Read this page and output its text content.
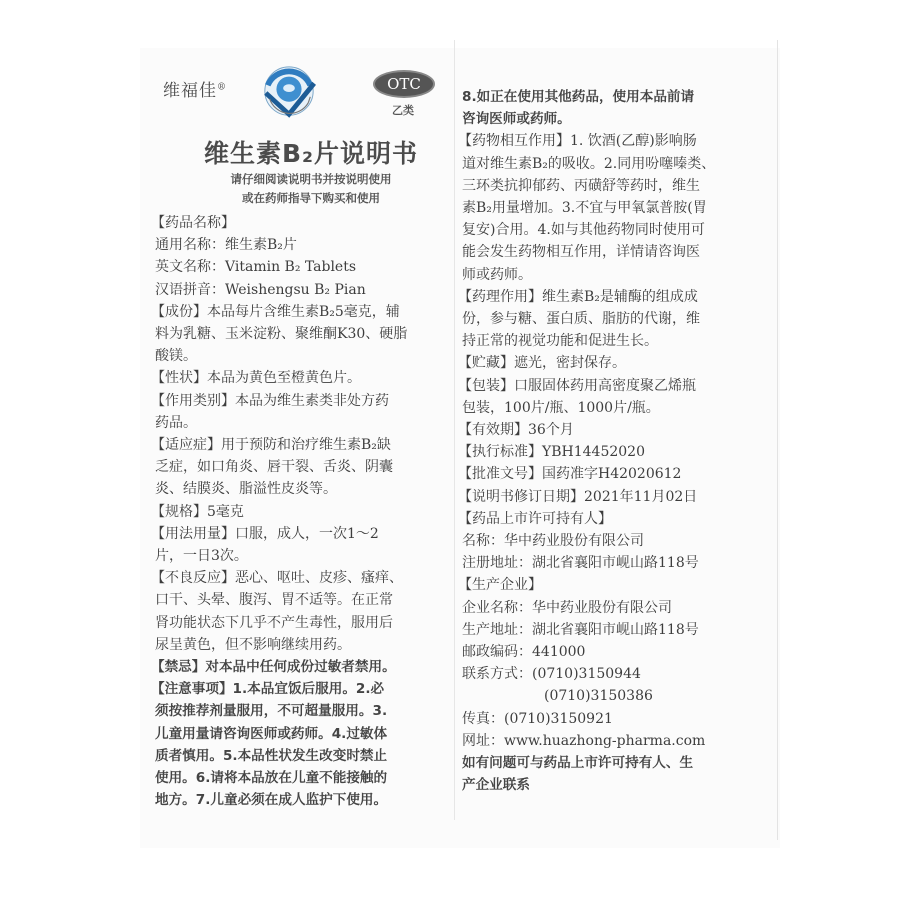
维福佳®	OTC
乙类
维生素B₂片说明书
请仔细阅读说明书并按说明使用
或在药师指导下购买和使用
【药品名称】
通用名称：维生素B₂片
英文名称：Vitamin B₂ Tablets
汉语拼音：Weishengsu B₂ Pian
【成份】本品每片含维生素B₂5毫克，辅
料为乳糖、玉米淀粉、聚维酮K30、硬脂
酸镁。
【性状】本品为黄色至橙黄色片。
【作用类别】本品为维生素类非处方药
药品。
【适应症】用于预防和治疗维生素B₂缺
乏症，如口角炎、唇干裂、舌炎、阴囊
炎、结膜炎、脂溢性皮炎等。
【规格】5毫克
【用法用量】口服，成人，一次1～2
片，一日3次。
【不良反应】恶心、呕吐、皮疹、瘙痒、
口干、头晕、腹泻、胃不适等。在正常
肾功能状态下几乎不产生毒性，服用后
尿呈黄色，但不影响继续用药。
【禁忌】对本品中任何成份过敏者禁用。
【注意事项】1.本品宜饭后服用。2.必
须按推荐剂量服用，不可超量服用。3.
儿童用量请咨询医师或药师。4.过敏体
质者慎用。5.本品性状发生改变时禁止
使用。6.请将本品放在儿童不能接触的
地方。7.儿童必须在成人监护下使用。
8.如正在使用其他药品，使用本品前请
咨询医师或药师。
【药物相互作用】1. 饮酒(乙醇)影响肠
道对维生素B₂的吸收。2.同用吩噻嗪类、
三环类抗抑郁药、丙磺舒等药时，维生
素B₂用量增加。3.不宜与甲氧氯普胺(胃
复安)合用。4.如与其他药物同时使用可
能会发生药物相互作用，详情请咨询医
师或药师。
【药理作用】维生素B₂是辅酶的组成成
份，参与糖、蛋白质、脂肪的代谢，维
持正常的视觉功能和促进生长。
【贮藏】遮光，密封保存。
【包装】口服固体药用高密度聚乙烯瓶
包装，100片/瓶、1000片/瓶。
【有效期】36个月
【执行标准】YBH14452020
【批准文号】国药准字H42020612
【说明书修订日期】2021年11月02日
【药品上市许可持有人】
名称：华中药业股份有限公司
注册地址：湖北省襄阳市岘山路118号
【生产企业】
企业名称：华中药业股份有限公司
生产地址：湖北省襄阳市岘山路118号
邮政编码：441000
联系方式：(0710)3150944
(0710)3150386
传真：(0710)3150921
网址：www.huazhong-pharma.com
如有问题可与药品上市许可持有人、生
产企业联系
